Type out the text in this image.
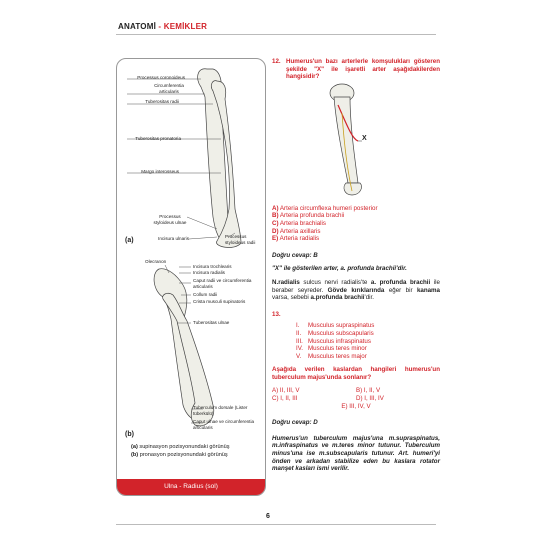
ANATOMİ - KEMİKLER
Processus coronoideus
Circumferentia articularis
Tuberositas radii
Tuberositas pronatoria
Margo interosseus
Processus styloideus ulnae
Incisura ulnaris	Processus styloideus radii
(a)
Olecranon
Incisura trochlearis
Incisura radialis
Caput radii ve circumferentia articularis
Collum radii
Crista musculi supinatoris
Tuberositas ulnae
Tuberculum dorsale (Lister tüberkülü)
Caput ulnae ve circumferentia articularis
(b)
(a) supinasyon pozisyonundaki görünüş
(b) pronasyon pozisyonundaki görünüş
Ulna - Radius (sol)
12. Humerus'un bazı arterlerle komşulukları gösteren şekilde "X" ile işaretli arter aşağıdakilerden hangisidir?
X
A) Arteria circumflexa humeri posterior
B) Arteria profunda brachii
C) Arteria brachialis
D) Arteria axillaris
E) Arteria radialis
Doğru cevap: B
"X" ile gösterilen arter, a. profunda brachii'dir.
N.radialis sulcus nervi radialis'te a. profunda brachii ile beraber seyreder. Gövde kırıklarında eğer bir kanama varsa, sebebi a.profunda brachii'dir.
13.
I.	Musculus supraspinatus
II.	Musculus subscapularis
III. Musculus infraspinatus
IV. Musculus teres minor
V.	Musculus teres major
Aşağıda verilen kaslardan hangileri humerus'un tuberculum majus'unda sonlanır?
A) II, III, V	B) I, II, V
C) I, II, III	D) I, III, IV
E) III, IV, V
Doğru cevap: D
Humerus'un tuberculum majus'una m.supraspinatus, m.infraspinatus ve m.teres minor tutunur. Tuberculum minus'una ise m.subscapularis tutunur. Art. humeri'yi önden ve arkadan stabilize eden bu kaslara rotator manşet kasları ismi verilir.
6
